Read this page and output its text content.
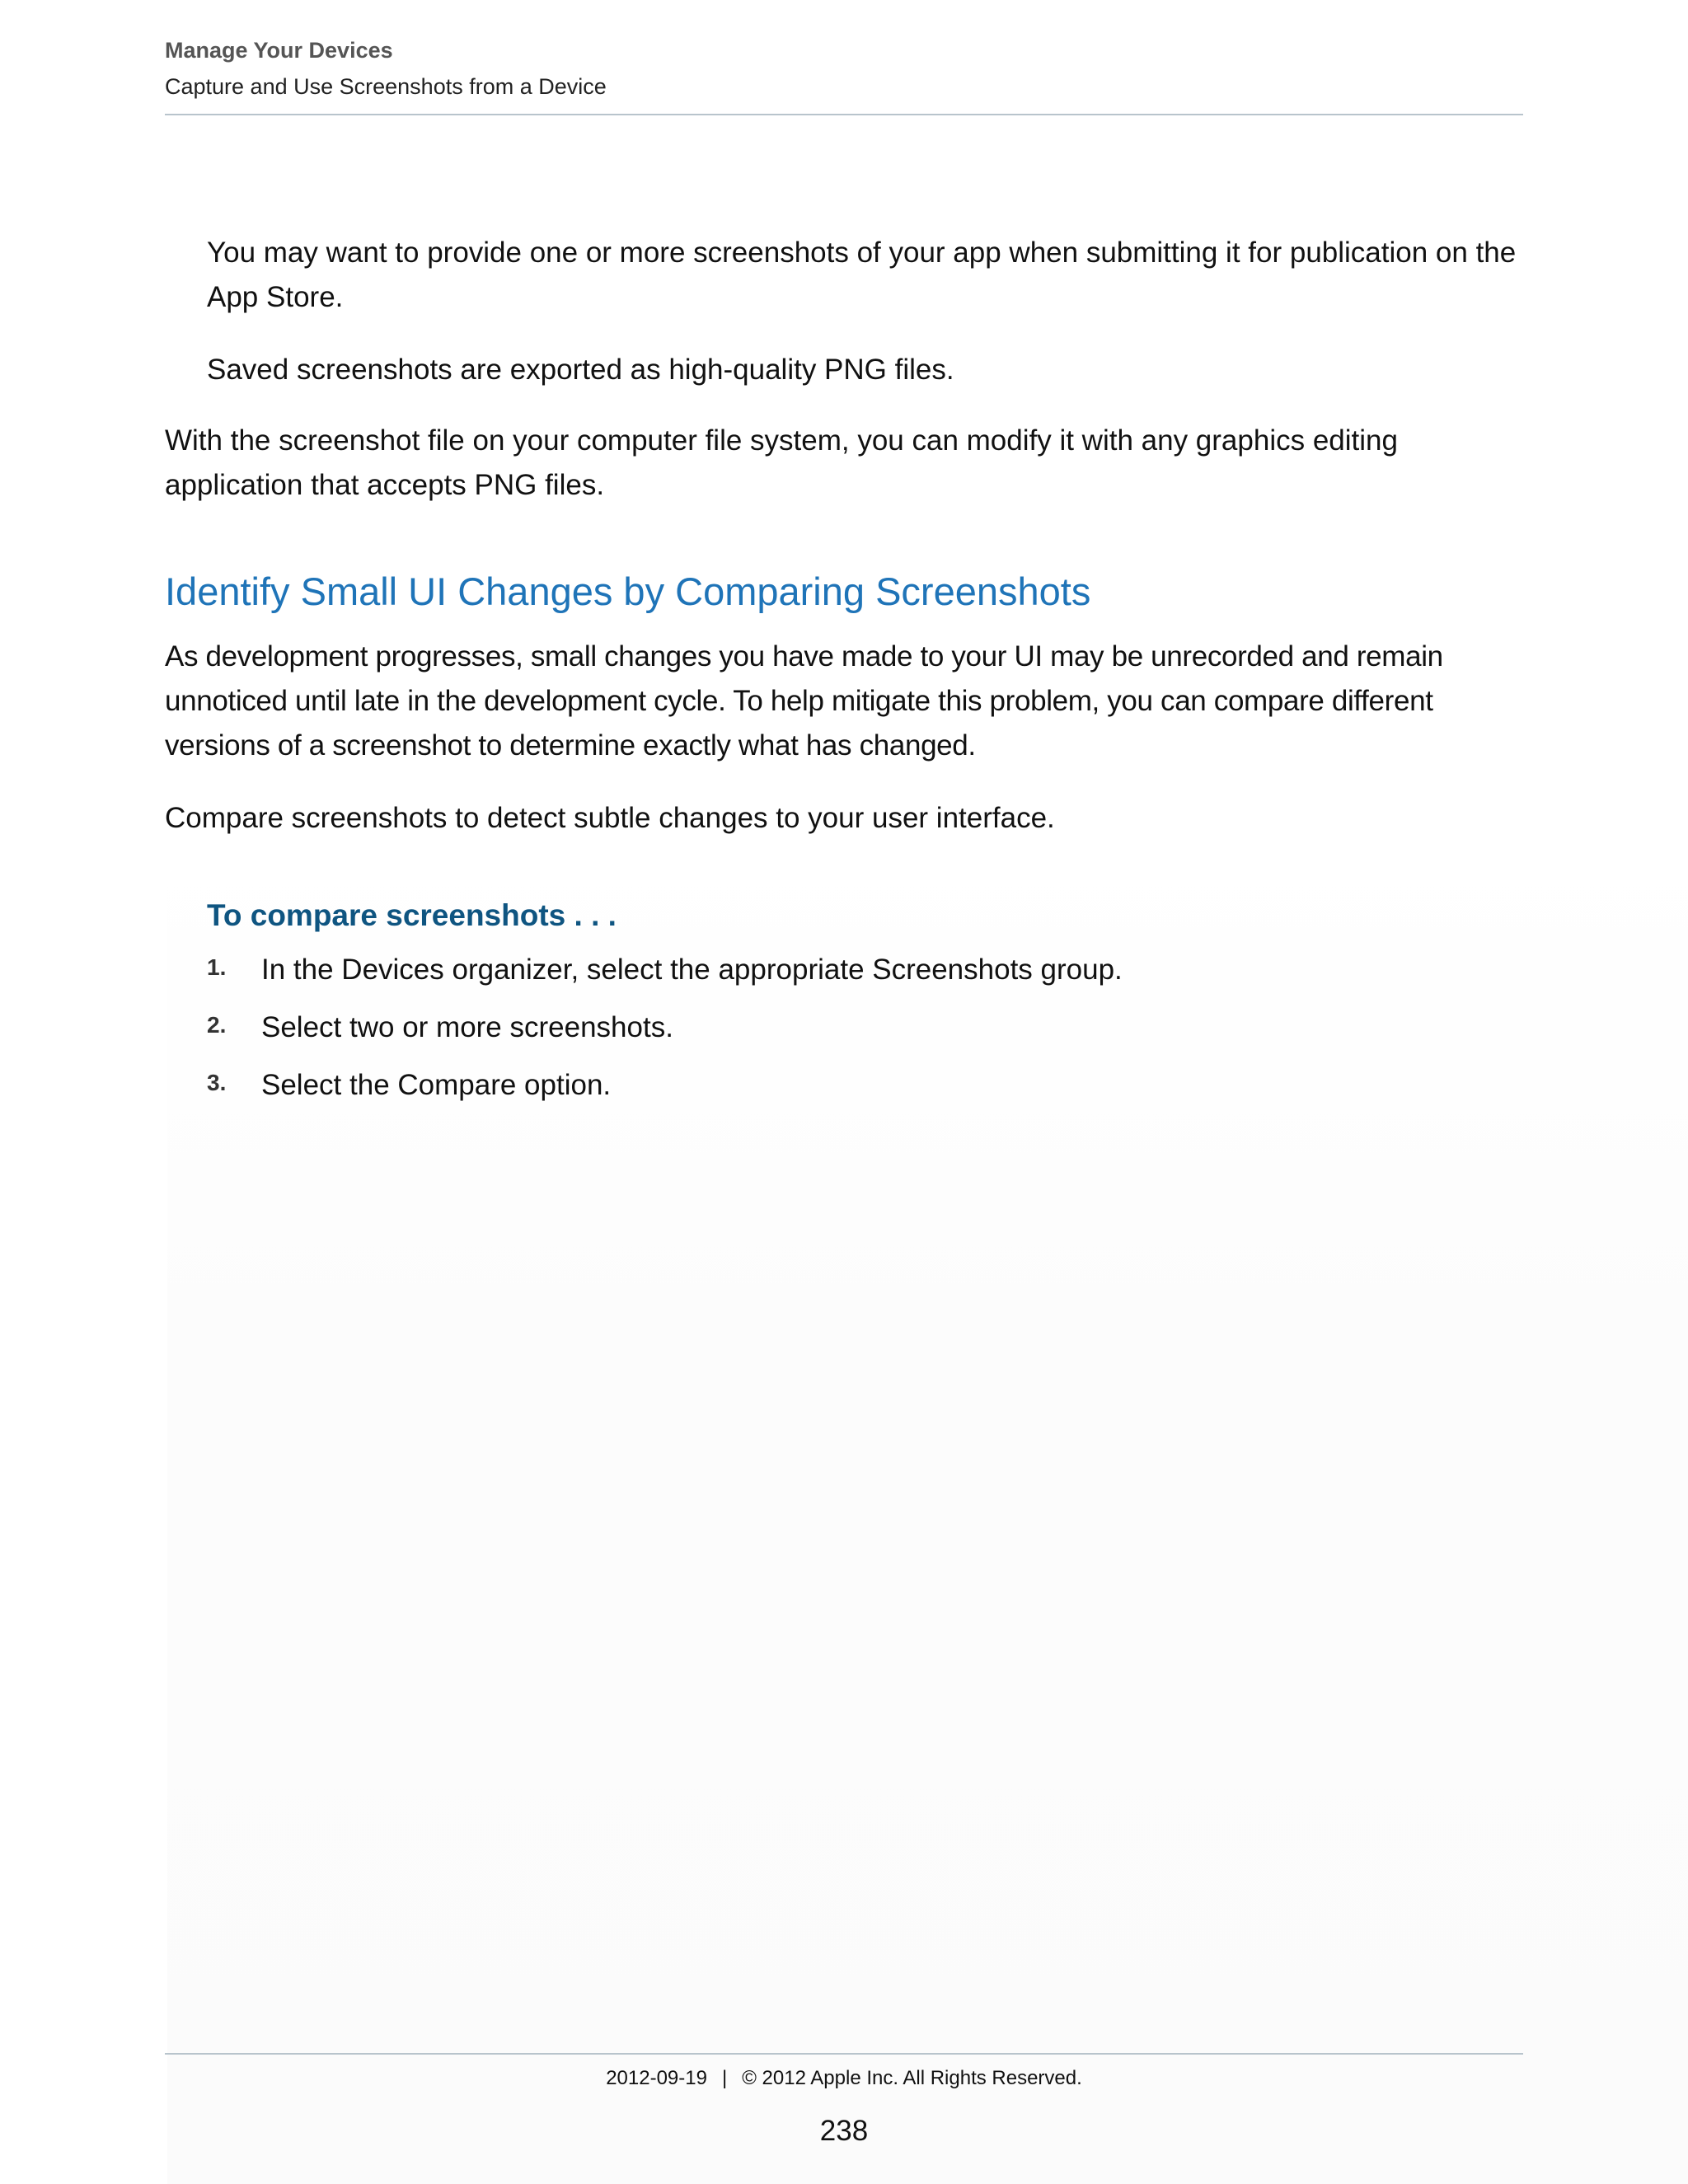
Manage Your Devices
Capture and Use Screenshots from a Device

You may want to provide one or more screenshots of your app when submitting it for publication on the App Store.

Saved screenshots are exported as high-quality PNG files.

With the screenshot file on your computer file system, you can modify it with any graphics editing application that accepts PNG files.

Identify Small UI Changes by Comparing Screenshots

As development progresses, small changes you have made to your UI may be unrecorded and remain unnoticed until late in the development cycle. To help mitigate this problem, you can compare different versions of a screenshot to determine exactly what has changed.

Compare screenshots to detect subtle changes to your user interface.

To compare screenshots . . .
1. In the Devices organizer, select the appropriate Screenshots group.
2. Select two or more screenshots.
3. Select the Compare option.
2012-09-19 | © 2012 Apple Inc. All Rights Reserved.
238
